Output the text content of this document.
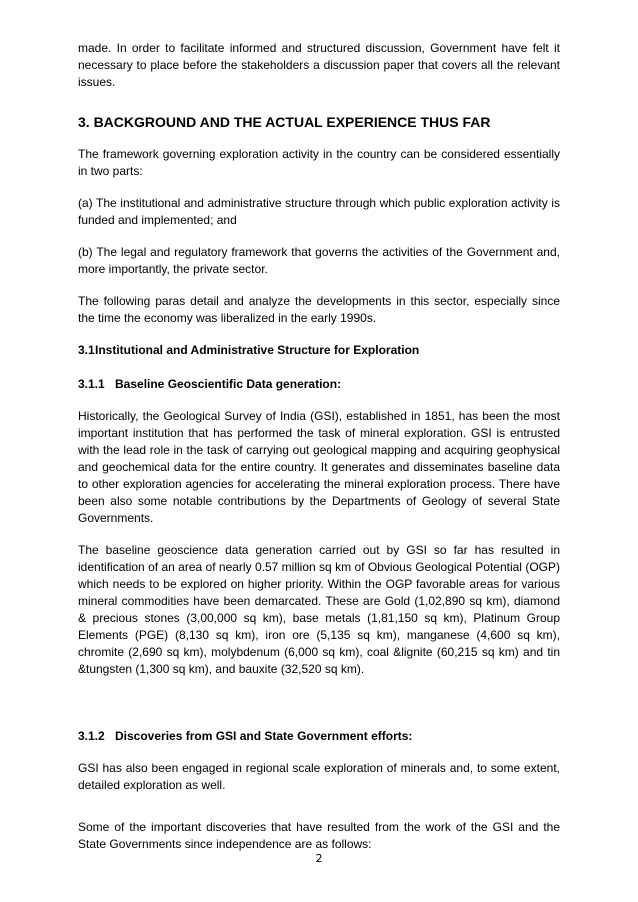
made. In order to facilitate informed and structured discussion, Government have felt it necessary to place before the stakeholders a discussion paper that covers all the relevant issues.

3. BACKGROUND AND THE ACTUAL EXPERIENCE THUS FAR

The framework governing exploration activity in the country can be considered essentially in two parts:

(a) The institutional and administrative structure through which public exploration activity is funded and implemented; and

(b) The legal and regulatory framework that governs the activities of the Government and, more importantly, the private sector.

The following paras detail and analyze the developments in this sector, especially since the time the economy was liberalized in the early 1990s.

3.1Institutional and Administrative Structure for Exploration
3.1.1 Baseline Geoscientific Data generation:

Historically, the Geological Survey of India (GSI), established in 1851, has been the most important institution that has performed the task of mineral exploration. GSI is entrusted with the lead role in the task of carrying out geological mapping and acquiring geophysical and geochemical data for the entire country. It generates and disseminates baseline data to other exploration agencies for accelerating the mineral exploration process. There have been also some notable contributions by the Departments of Geology of several State Governments.

The baseline geoscience data generation carried out by GSI so far has resulted in identification of an area of nearly 0.57 million sq km of Obvious Geological Potential (OGP) which needs to be explored on higher priority. Within the OGP favorable areas for various mineral commodities have been demarcated. These are Gold (1,02,890 sq km), diamond & precious stones (3,00,000 sq km), base metals (1,81,150 sq km), Platinum Group Elements (PGE) (8,130 sq km), iron ore (5,135 sq km), manganese (4,600 sq km), chromite (2,690 sq km), molybdenum (6,000 sq km), coal &lignite (60,215 sq km) and tin &tungsten (1,300 sq km), and bauxite (32,520 sq km).

3.1.2 Discoveries from GSI and State Government efforts:

GSI has also been engaged in regional scale exploration of minerals and, to some extent, detailed exploration as well.

Some of the important discoveries that have resulted from the work of the GSI and the State Governments since independence are as follows:

2
